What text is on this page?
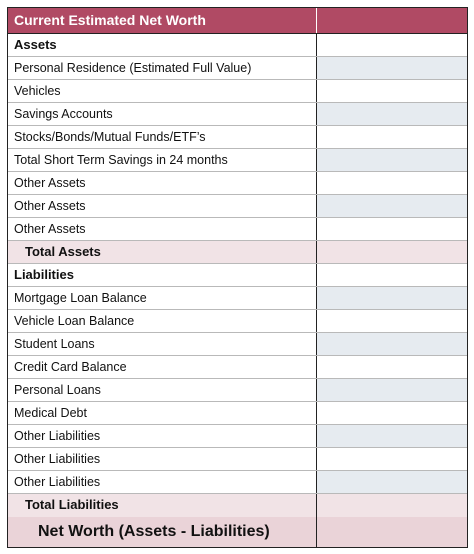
Current Estimated Net Worth
Assets
Personal Residence (Estimated Full Value)
Vehicles
Savings Accounts
Stocks/Bonds/Mutual Funds/ETF’s
Total Short Term Savings in 24 months
Other Assets
Other Assets
Other Assets
Total Assets
Liabilities
Mortgage Loan Balance
Vehicle Loan Balance
Student Loans
Credit Card Balance
Personal Loans
Medical Debt
Other Liabilities
Other Liabilities
Other Liabilities
Total Liabilities
Net Worth (Assets - Liabilities)
